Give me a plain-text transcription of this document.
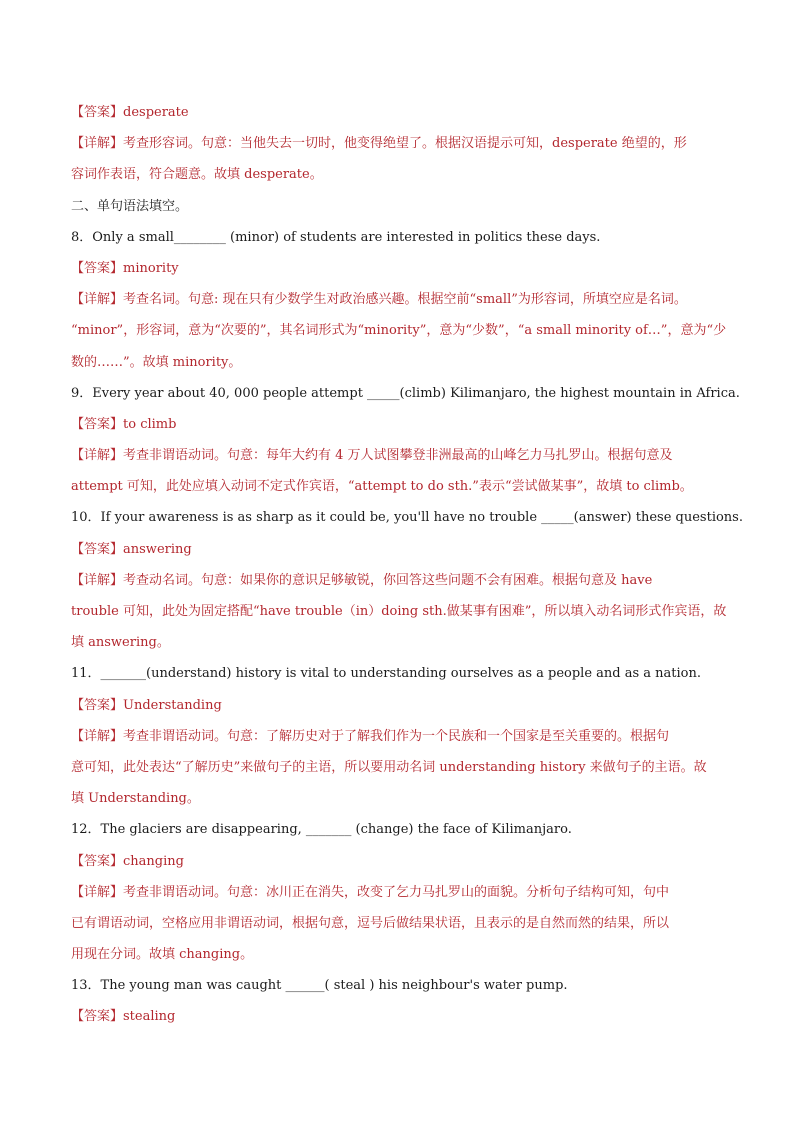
【答案】desperate
【详解】考查形容词。句意：当他失去一切时，他变得绝望了。根据汉语提示可知，desperate 绝望的，形
容词作表语，符合题意。故填 desperate。
二、单句语法填空。
8．Only a small________ (minor) of students are interested in politics these days.
【答案】minority
【详解】考查名词。句意: 现在只有少数学生对政治感兴趣。根据空前“small”为形容词，所填空应是名词。
“minor”，形容词，意为“次要的”，其名词形式为“minority”，意为“少数”，“a small minority of…”，意为“少
数的……”。故填 minority。
9．Every year about 40, 000 people attempt _____(climb) Kilimanjaro, the highest mountain in Africa.
【答案】to climb
【详解】考查非谓语动词。句意：每年大约有 4 万人试图攀登非洲最高的山峰乞力马扎罗山。根据句意及
attempt 可知，此处应填入动词不定式作宾语，“attempt to do sth.”表示“尝试做某事”，故填 to climb。
10．If your awareness is as sharp as it could be, you'll have no trouble _____(answer) these questions.
【答案】answering
【详解】考查动名词。句意：如果你的意识足够敏锐，你回答这些问题不会有困难。根据句意及 have
trouble 可知，此处为固定搭配“have trouble（in）doing sth.做某事有困难”，所以填入动名词形式作宾语，故
填 answering。
11．_______(understand) history is vital to understanding ourselves as a people and as a nation.
【答案】Understanding
【详解】考查非谓语动词。句意：了解历史对于了解我们作为一个民族和一个国家是至关重要的。根据句
意可知，此处表达“了解历史”来做句子的主语，所以要用动名词 understanding history 来做句子的主语。故
填 Understanding。
12．The glaciers are disappearing, _______ (change) the face of Kilimanjaro.
【答案】changing
【详解】考查非谓语动词。句意：冰川正在消失，改变了乞力马扎罗山的面貌。分析句子结构可知，句中
已有谓语动词，空格应用非谓语动词，根据句意，逗号后做结果状语，且表示的是自然而然的结果，所以
用现在分词。故填 changing。
13．The young man was caught ______( steal ) his neighbour's water pump.
【答案】stealing
